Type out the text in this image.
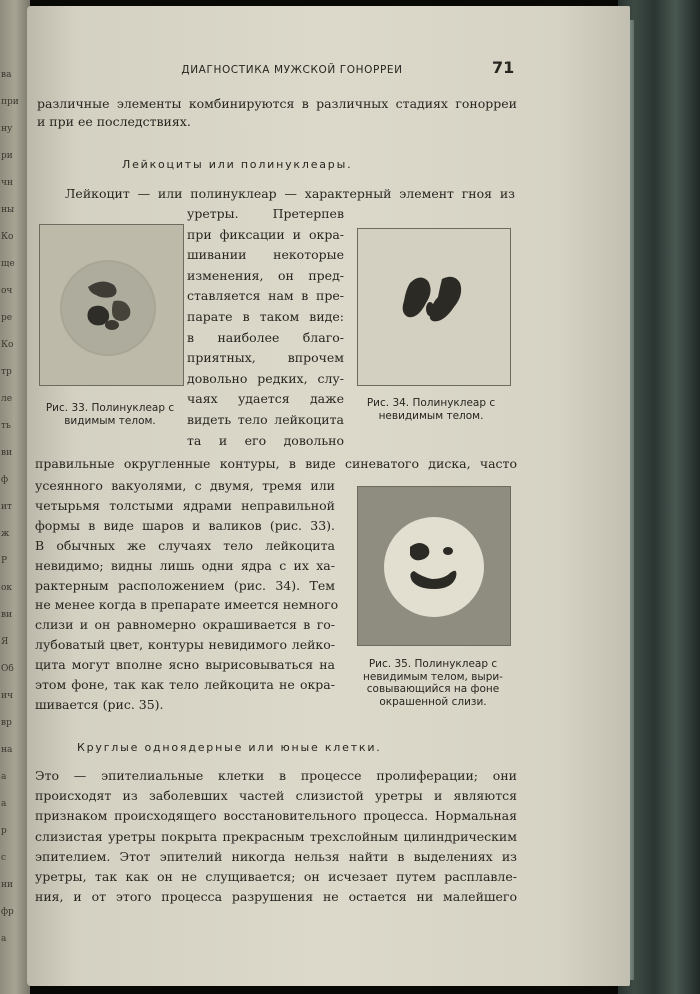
ва
при
ну
ри
чн
ны
Ко
ще
оч
ре
Ко
тр
ле
ть
ви
ф
ит
ж
Р
ок
ви
Я
Об
ич
вр
на
а
а
р
с
ни
фр
а
ДИАГНОСТИКА МУЖСКОЙ ГОНОРРЕИ	71
различные элементы комбинируются в различных стадиях гонорреи
и при ее последствиях.
Лейкоциты или полинуклеары.
Лейкоцит — или полинуклеар — характерный элемент гноя из
уретры. Претерпев
при фиксации и окра-
шивании некоторые
изменения, он пред-
ставляется нам в пре-
парате в таком виде:
в наиболее благо-
приятных, впрочем
довольно редких, слу-
чаях удается даже
видеть тело лейкоцита
та и его довольно
Рис. 33. Полинуклеар с
видимым телом.
Рис. 34. Полинуклеар с
невидимым телом.
правильные округленные контуры, в виде синеватого диска, часто
усеянного вакуолями, с двумя, тремя или
четырьмя толстыми ядрами неправильной
формы в виде шаров и валиков (рис. 33).
В обычных же случаях тело лейкоцита
невидимо; видны лишь одни ядра с их ха-
рактерным расположением (рис. 34). Тем
не менее когда в препарате имеется немного
слизи и он равномерно окрашивается в го-
лубоватый цвет, контуры невидимого лейко-
цита могут вполне ясно вырисовываться на
этом фоне, так как тело лейкоцита не окра-
шивается (рис. 35).
Рис. 35. Полинуклеар с
невидимым телом, выри-
совывающийся на фоне
окрашенной слизи.
Круглые одноядерные или юные клетки.
Это — эпителиальные клетки в процессе пролиферации; они
происходят из заболевших частей слизистой уретры и являются
признаком происходящего восстановительного процесса. Нормальная
слизистая уретры покрыта прекрасным трехслойным цилиндрическим
эпителием. Этот эпителий никогда нельзя найти в выделениях из
уретры, так как он не слущивается; он исчезает путем расплавле-
ния, и от этого процесса разрушения не остается ни малейшего
